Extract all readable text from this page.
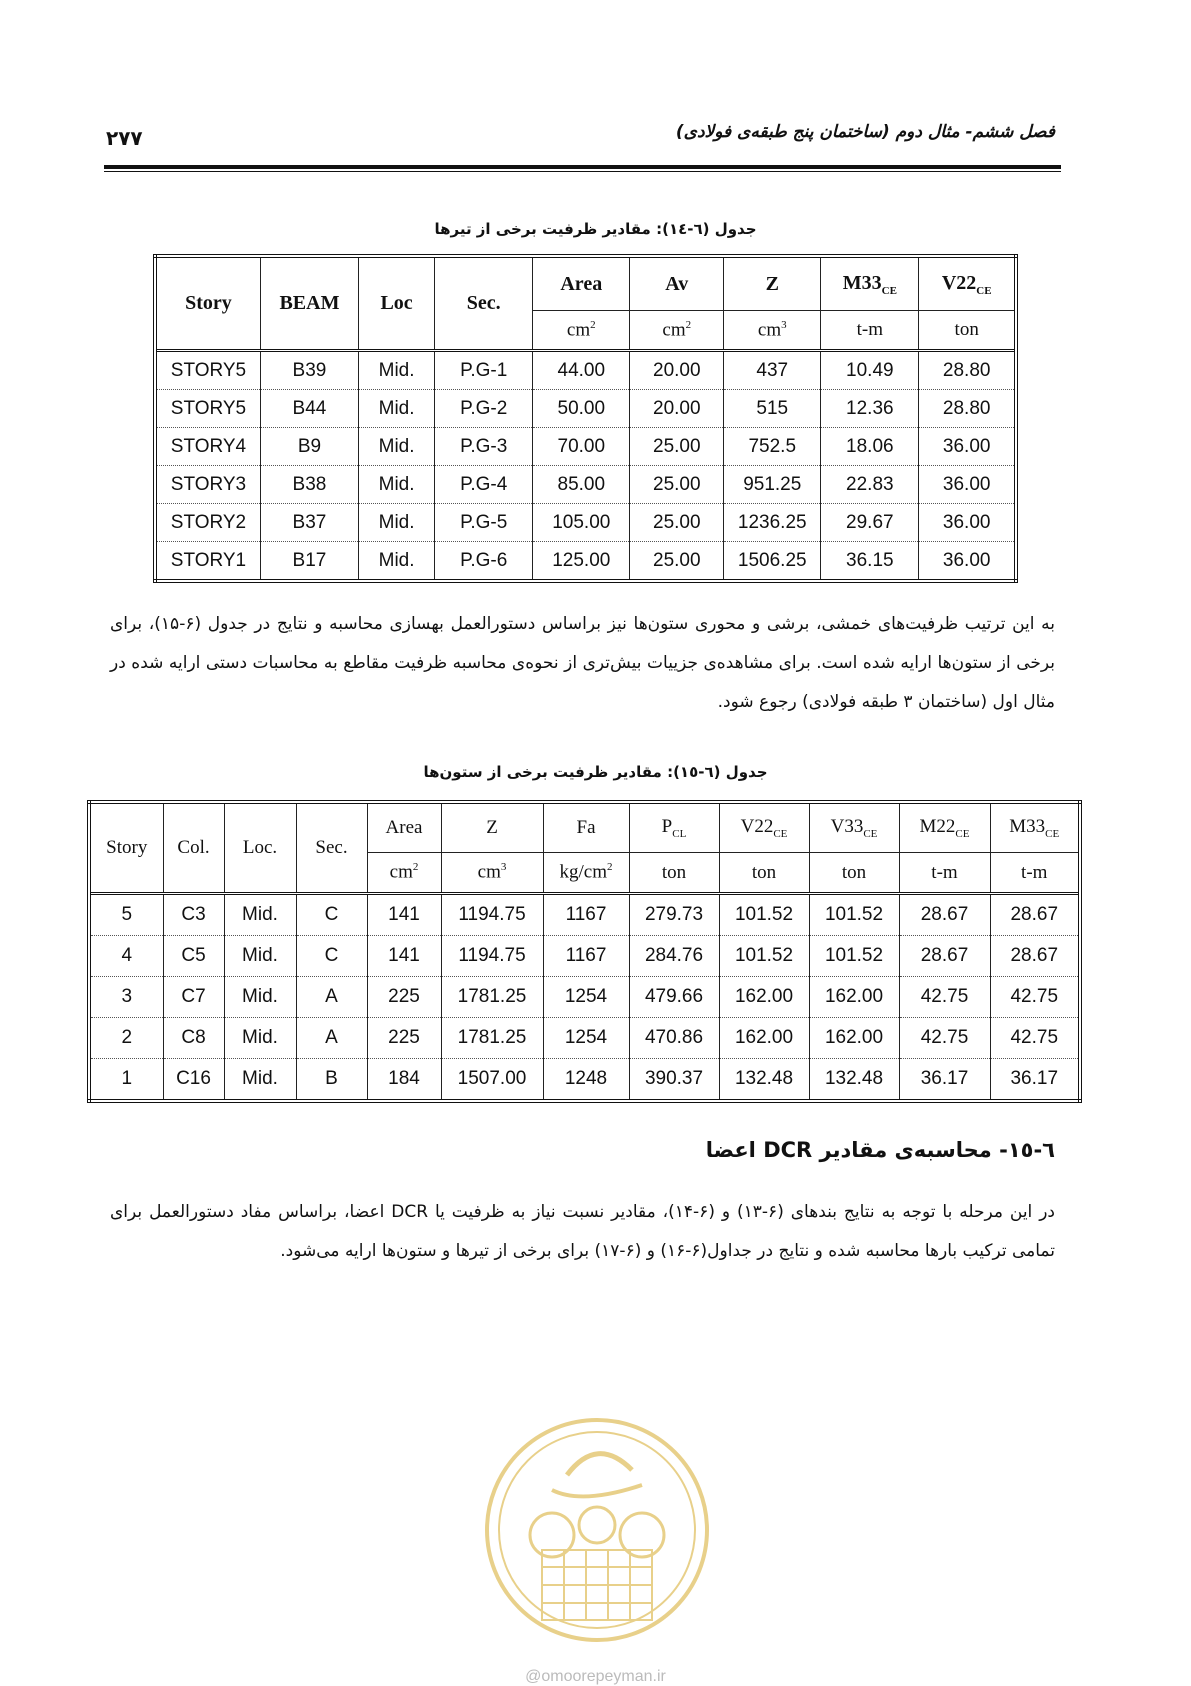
فصل ششم- مثال دوم (ساختمان پنج طبقه‌ی فولادی)
۲۷۷
جدول (٦-١٤): مقادیر ظرفیت برخی از تیرها
Story	BEAM	Loc	Sec.	Area	Av	Z	$M33_{CE}$	$V22_{CE}$
				$cm^2$	$cm^2$	$cm^3$	t-m	ton
STORY5	B39	Mid.	P.G-1	44.00	20.00	437	10.49	28.80
STORY5	B44	Mid.	P.G-2	50.00	20.00	515	12.36	28.80
STORY4	B9	Mid.	P.G-3	70.00	25.00	752.5	18.06	36.00
STORY3	B38	Mid.	P.G-4	85.00	25.00	951.25	22.83	36.00
STORY2	B37	Mid.	P.G-5	105.00	25.00	1236.25	29.67	36.00
STORY1	B17	Mid.	P.G-6	125.00	25.00	1506.25	36.15	36.00
به این ترتیب ظرفیت‌های خمشی، برشی و محوری ستون‌ها نیز براساس دستورالعمل بهسازی محاسبه و نتایج در جدول (۶-۱۵)، برای برخی از ستون‌ها ارایه شده است. برای مشاهده‌ی جزییات بیش‌تری از نحوه‌ی محاسبه ظرفیت مقاطع به محاسبات دستی ارایه شده در مثال اول (ساختمان ۳ طبقه فولادی) رجوع شود.
جدول (٦-١٥): مقادیر ظرفیت برخی از ستون‌ها
Story	Col.	Loc.	Sec.	Area	Z	Fa	$P_{CL}$	$V22_{CE}$	$V33_{CE}$	$M22_{CE}$	$M33_{CE}$
				$cm^2$	$cm^3$	$kg/cm^2$	ton	ton	ton	t-m	t-m
5	C3	Mid.	C	141	1194.75	1167	279.73	101.52	101.52	28.67	28.67
4	C5	Mid.	C	141	1194.75	1167	284.76	101.52	101.52	28.67	28.67
3	C7	Mid.	A	225	1781.25	1254	479.66	162.00	162.00	42.75	42.75
2	C8	Mid.	A	225	1781.25	1254	470.86	162.00	162.00	42.75	42.75
1	C16	Mid.	B	184	1507.00	1248	390.37	132.48	132.48	36.17	36.17
٦-١٥- محاسبه‌ی مقادیر DCR اعضا
در این مرحله با توجه به نتایج بندهای (۶-۱۳) و (۶-۱۴)، مقادیر نسبت نیاز به ظرفیت یا DCR اعضا، براساس مفاد دستورالعمل برای تمامی ترکیب بارها محاسبه شده و نتایج در جداول(۶-۱۶) و (۶-۱۷) برای برخی از تیرها و ستون‌ها ارایه می‌شود.
@omoorepeyman.ir
